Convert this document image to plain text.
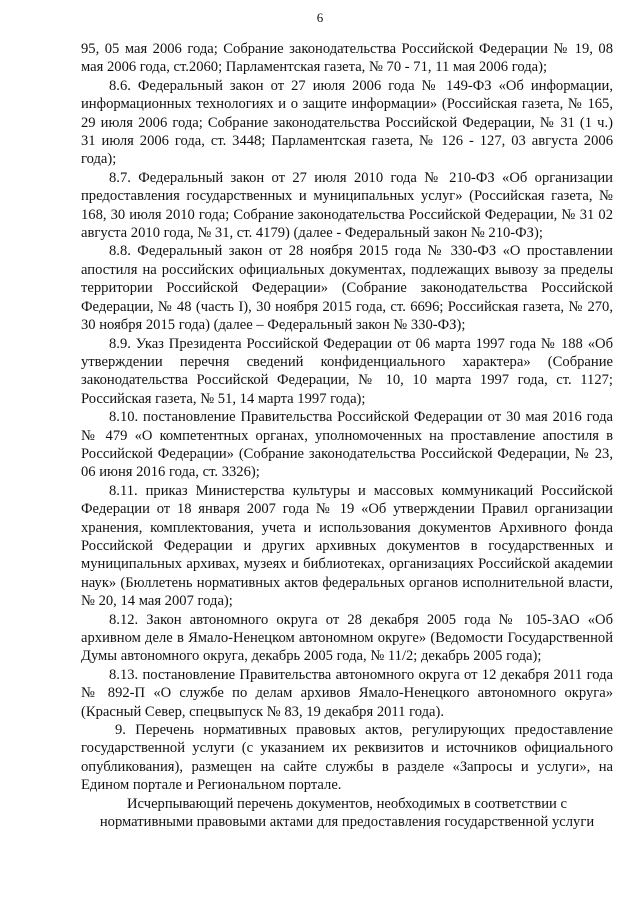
6

95, 05 мая 2006 года; Собрание законодательства Российской Федерации № 19, 08 мая 2006 года, ст.2060; Парламентская газета, № 70 - 71, 11 мая 2006 года);

8.6. Федеральный закон от 27 июля 2006 года № 149-ФЗ «Об информации, информационных технологиях и о защите информации» (Российская газета, № 165, 29 июля 2006 года; Собрание законодательства Российской Федерации, № 31 (1 ч.) 31 июля 2006 года, ст. 3448; Парламентская газета, № 126 - 127, 03 августа 2006 года);

8.7. Федеральный закон от 27 июля 2010 года № 210-ФЗ «Об организации предоставления государственных и муниципальных услуг» (Российская газета, № 168, 30 июля 2010 года; Собрание законодательства Российской Федерации, № 31 02 августа 2010 года, № 31, ст. 4179) (далее - Федеральный закон № 210-ФЗ);

8.8. Федеральный закон от 28 ноября 2015 года № 330-ФЗ «О проставлении апостиля на российских официальных документах, подлежащих вывозу за пределы территории Российской Федерации» (Собрание законодательства Российской Федерации, № 48 (часть I), 30 ноября 2015 года, ст. 6696; Российская газета, № 270, 30 ноября 2015 года) (далее – Федеральный закон № 330-ФЗ);

8.9. Указ Президента Российской Федерации от 06 марта 1997 года № 188 «Об утверждении перечня сведений конфиденциального характера» (Собрание законодательства Российской Федерации, № 10, 10 марта 1997 года, ст. 1127; Российская газета, № 51, 14 марта 1997 года);

8.10. постановление Правительства Российской Федерации от 30 мая 2016 года № 479 «О компетентных органах, уполномоченных на проставление апостиля в Российской Федерации» (Собрание законодательства Российской Федерации, № 23, 06 июня 2016 года, ст. 3326);

8.11. приказ Министерства культуры и массовых коммуникаций Российской Федерации от 18 января 2007 года № 19 «Об утверждении Правил организации хранения, комплектования, учета и использования документов Архивного фонда Российской Федерации и других архивных документов в государственных и муниципальных архивах, музеях и библиотеках, организациях Российской академии наук» (Бюллетень нормативных актов федеральных органов исполнительной власти, № 20, 14 мая 2007 года);

8.12. Закон автономного округа от 28 декабря 2005 года № 105-ЗАО «Об архивном деле в Ямало-Ненецком автономном округе» (Ведомости Государственной Думы автономного округа, декабрь 2005 года, № 11/2; декабрь 2005 года);

8.13. постановление Правительства автономного округа от 12 декабря 2011 года № 892-П «О службе по делам архивов Ямало-Ненецкого автономного округа» (Красный Север, спецвыпуск № 83, 19 декабря 2011 года).

9. Перечень нормативных правовых актов, регулирующих предоставление государственной услуги (с указанием их реквизитов и источников официального опубликования), размещен на сайте службы в разделе «Запросы и услуги», на Едином портале и Региональном портале.

Исчерпывающий перечень документов, необходимых в соответствии с нормативными правовыми актами для предоставления государственной услуги
